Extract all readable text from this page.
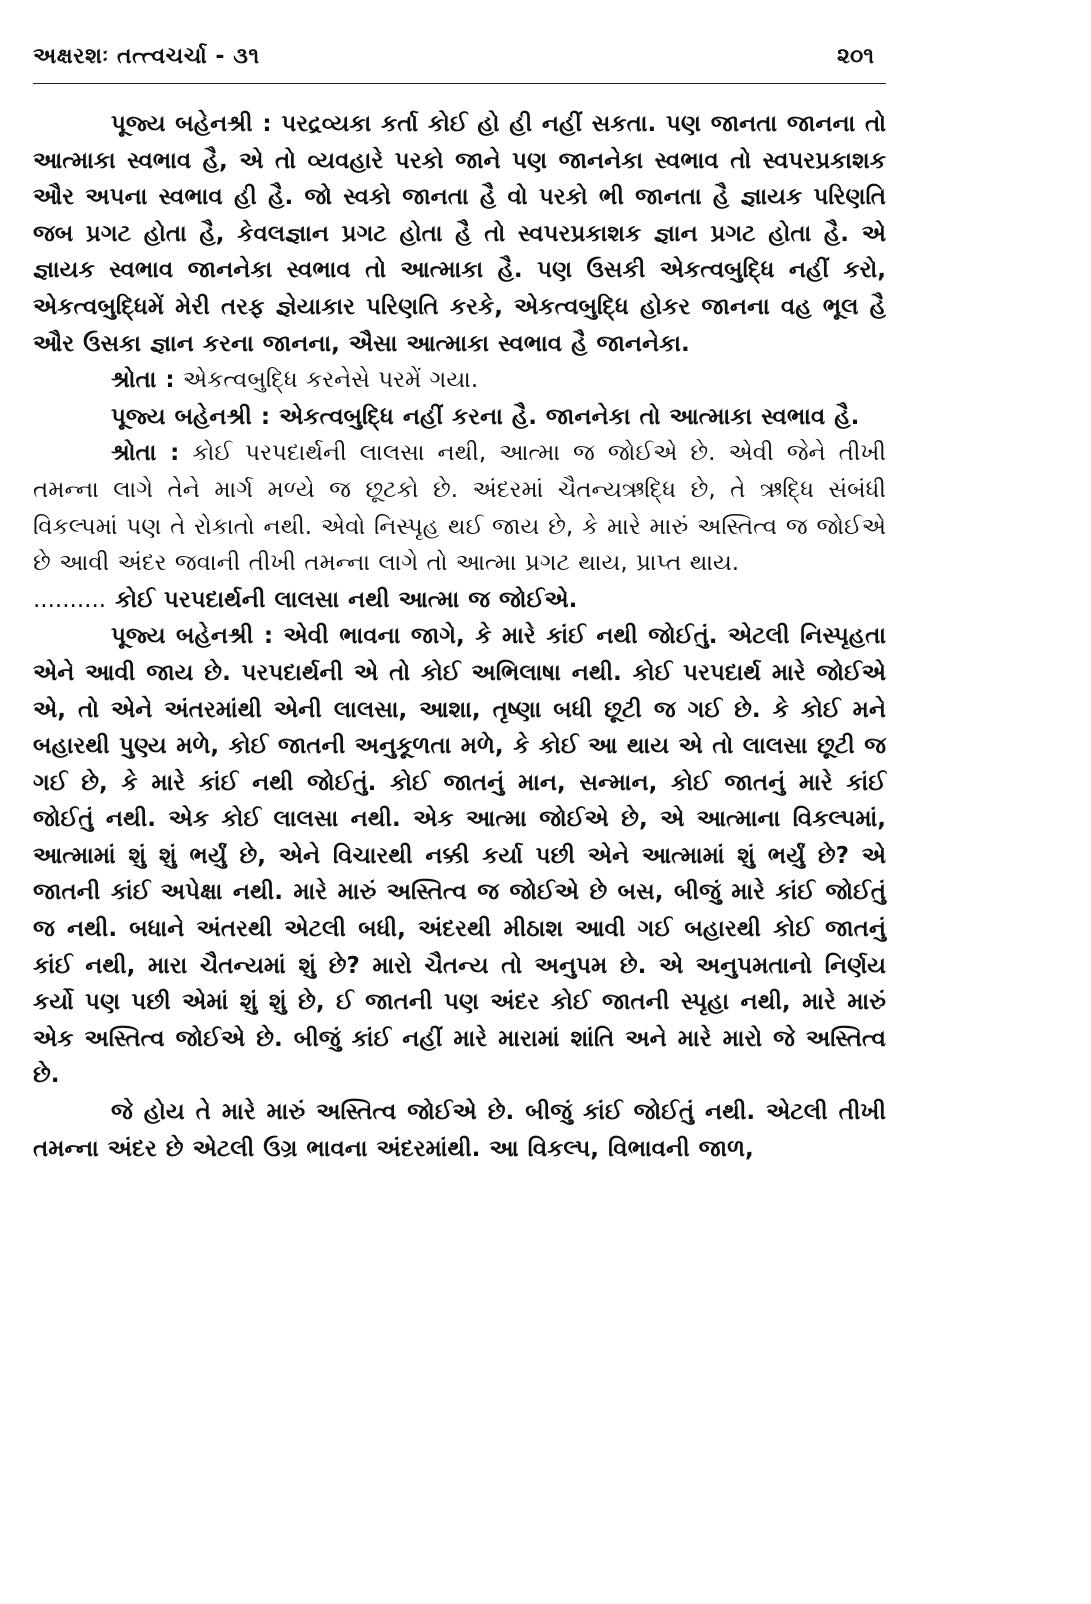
અક્ષરશઃ તત્ત્વચર્ચા - ૩૧	૨૦૧

પૂજ્ય બહેનશ્રી : પરદ્રવ્યકા કર્તા કોઈ હો હી નહીં સકતા. પણ જાનતા જાનના તો આત્માકા સ્વભાવ હૈ, એ તો વ્યવહારે પરકો જાને પણ જાનનેકા સ્વભાવ તો સ્વપરપ્રકાશક ઔર અપના સ્વભાવ હી હૈ. જો સ્વકો જાનતા હૈ વો પરકો ભી જાનતા હૈ જ્ઞાયક પરિણતિ જબ પ્રગટ હોતા હૈ, કેવલજ્ઞાન પ્રગટ હોતા હૈ તો સ્વપરપ્રકાશક જ્ઞાન પ્રગટ હોતા હૈ. એ જ્ઞાયક સ્વભાવ જાનનેકા સ્વભાવ તો આત્માકા હૈ. પણ ઉસકી એકત્વબુદ્ધિ નહીં કરો, એકત્વબુદ્ધિમેં મેરી તરફ જ્ઞેયાકાર પરિણતિ કરકે, એકત્વબુદ્ધિ હોકર જાનના વહ ભૂલ હૈ ઔર ઉસકા જ્ઞાન કરના જાનના, ઐસા આત્માકા સ્વભાવ હૈ જાનનેકા.

શ્રોતા : એકત્વબુદ્ધિ કરનેસે પરમેં ગયા.

પૂજ્ય બહેનશ્રી : એકત્વબુદ્ધિ નહીં કરના હૈ. જાનનેકા તો આત્માકા સ્વભાવ હૈ.

શ્રોતા : કોઈ પરપદાર્થની લાલસા નથી, આત્મા જ જોઈએ છે. એવી જેને તીખી તમન્ના લાગે તેને માર્ગ મળ્યે જ છૂટકો છે. અંદરમાં ચૈતન્યઋદ્ધિ છે, તે ઋદ્ધિ સંબંધી વિકલ્પમાં પણ તે રોકાતો નથી. એવો નિસ્પૃહ થઈ જાય છે, કે મારે મારું અસ્તિત્વ જ જોઈએ છે આવી અંદર જવાની તીખી તમન્ના લાગે તો આત્મા પ્રગટ થાય, પ્રાપ્ત થાય.

.......... કોઈ પરપદાર્થની લાલસા નથી આત્મા જ જોઈએ.

પૂજ્ય બહેનશ્રી : એવી ભાવના જાગે, કે મારે કાંઈ નથી જોઈતું. એટલી નિસ્પૃહતા એને આવી જાય છે. પરપદાર્થની એ તો કોઈ અભિલાષા નથી. કોઈ પરપદાર્થ મારે જોઈએ એ, તો એને અંતરમાંથી એની લાલસા, આશા, તૃષ્ણા બધી છૂટી જ ગઈ છે. કે કોઈ મને બહારથી પુણ્ય મળે, કોઈ જાતની અનુકૂળતા મળે, કે કોઈ આ થાય એ તો લાલસા છૂટી જ ગઈ છે, કે મારે કાંઈ નથી જોઈતું. કોઈ જાતનું માન, સન્માન, કોઈ જાતનું મારે કાંઈ જોઈતું નથી. એક કોઈ લાલસા નથી. એક આત્મા જોઈએ છે, એ આત્માના વિકલ્પમાં, આત્મામાં શું શું ભર્યું છે, એને વિચારથી નક્કી કર્યા પછી એને આત્મામાં શું ભર્યું છે? એ જાતની કાંઈ અપેક્ષા નથી. મારે મારું અસ્તિત્વ જ જોઈએ છે બસ, બીજું મારે કાંઈ જોઈતું જ નથી. બધાને અંતરથી એટલી બધી, અંદરથી મીઠાશ આવી ગઈ બહારથી કોઈ જાતનું કાંઈ નથી, મારા ચૈતન્યમાં શું છે? મારો ચૈતન્ય તો અનુપમ છે. એ અનુપમતાનો નિર્ણય કર્યો પણ પછી એમાં શું શું છે, ઈ જાતની પણ અંદર કોઈ જાતની સ્પૃહા નથી, મારે મારું એક અસ્તિત્વ જોઈએ છે. બીજું કાંઈ નહીં મારે મારામાં શાંતિ અને મારે મારો જે અસ્તિત્વ છે.

જે હોય તે મારે મારું અસ્તિત્વ જોઈએ છે. બીજું કાંઈ જોઈતું નથી. એટલી તીખી તમન્ના અંદર છે એટલી ઉગ્ર ભાવના અંદરમાંથી. આ વિકલ્પ, વિભાવની જાળ,
